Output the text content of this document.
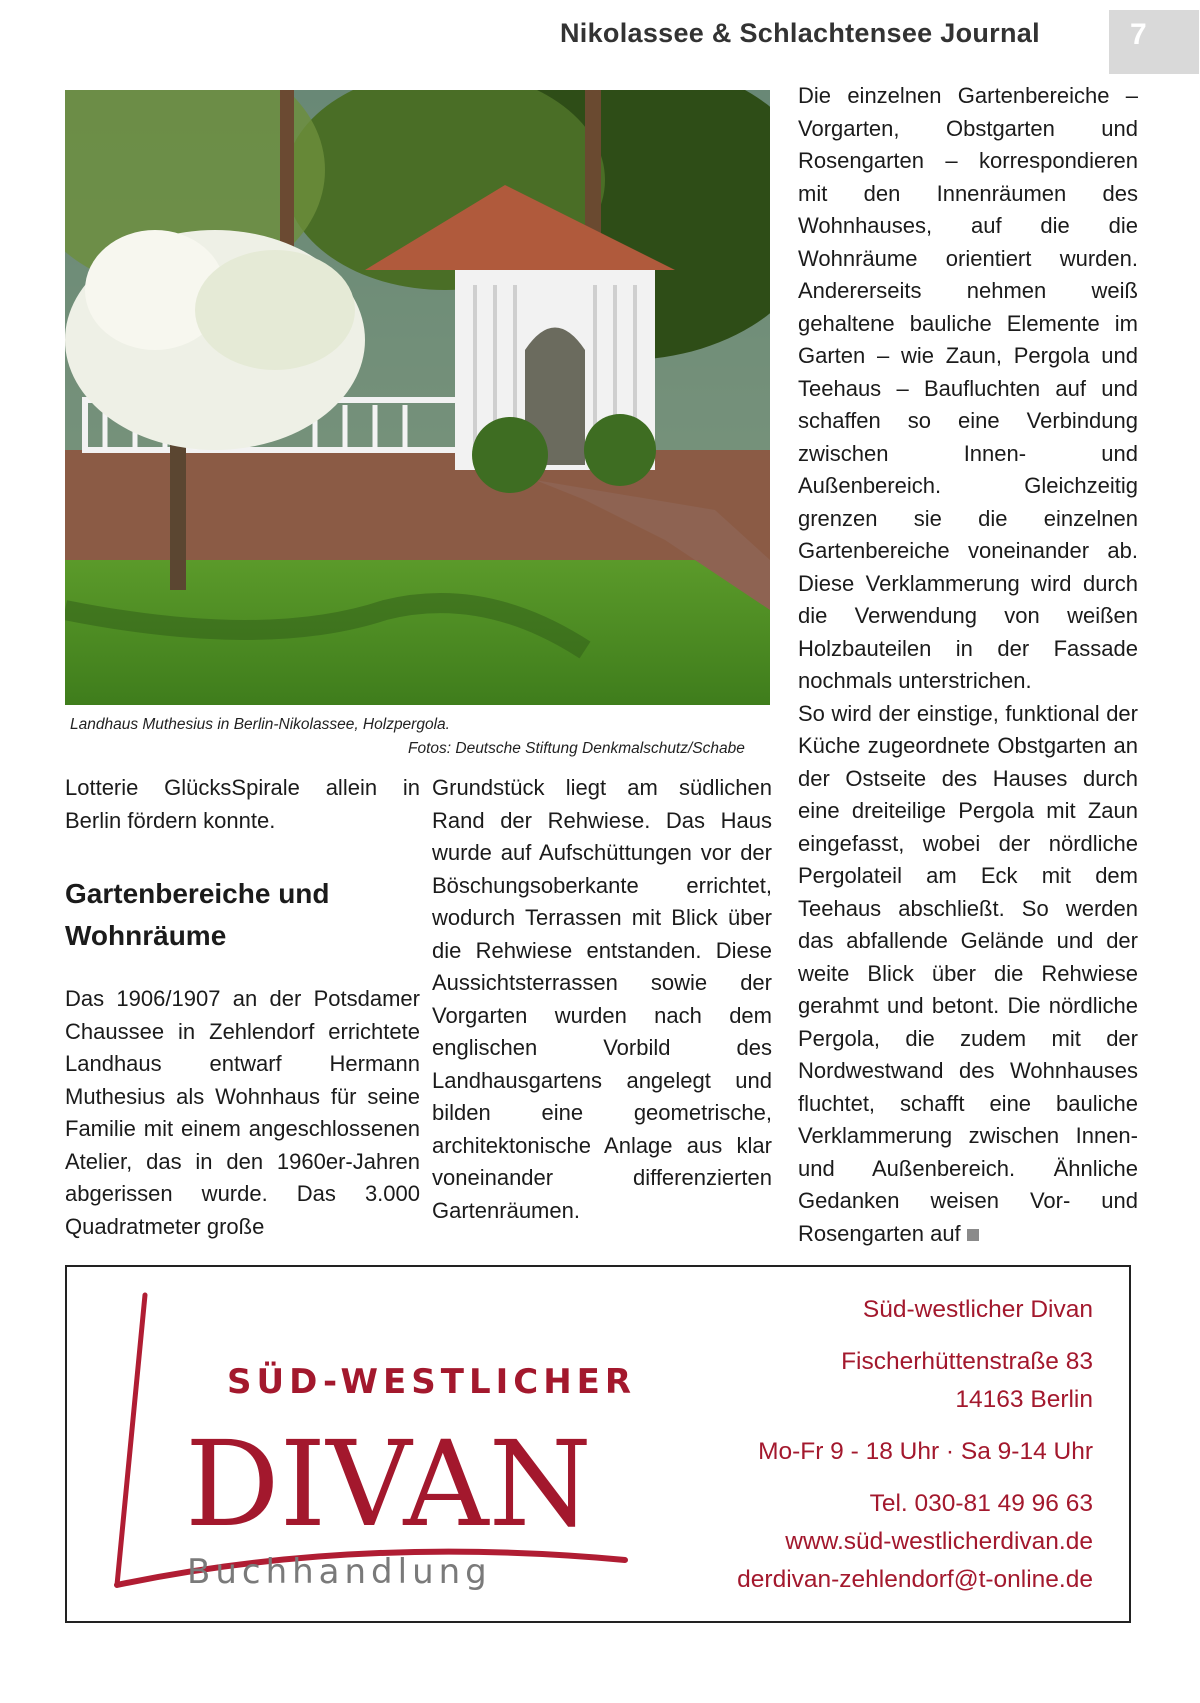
Nikolassee & Schlachtensee Journal	7
Landhaus Muthesius in Berlin-Nikolassee, Holzpergola.
Fotos: Deutsche Stiftung Denkmalschutz/Schabe

Lotterie GlücksSpirale allein in Berlin fördern konnte.

Gartenbereiche und Wohnräume

Das 1906/1907 an der Potsdamer Chaussee in Zehlendorf errichtete Landhaus entwarf Hermann Muthesius als Wohnhaus für seine Familie mit einem angeschlossenen Atelier, das in den 1960er-Jahren abgerissen wurde. Das 3.000 Quadratmeter große

Grundstück liegt am südlichen Rand der Rehwiese. Das Haus wurde auf Aufschüttungen vor der Böschungsoberkante errichtet, wodurch Terrassen mit Blick über die Rehwiese entstanden. Diese Aussichtsterrassen sowie der Vorgarten wurden nach dem englischen Vorbild des Landhausgartens angelegt und bilden eine geometrische, architektonische Anlage aus klar voneinander differenzierten Gartenräumen.

Die einzelnen Gartenbereiche – Vorgarten, Obstgarten und Rosengarten – korrespondieren mit den Innenräumen des Wohnhauses, auf die die Wohnräume orientiert wurden. Andererseits nehmen weiß gehaltene bauliche Elemente im Garten – wie Zaun, Pergola und Teehaus – Baufluchten auf und schaffen so eine Verbindung zwischen Innen- und Außenbereich. Gleichzeitig grenzen sie die einzelnen Gartenbereiche voneinander ab. Diese Verklammerung wird durch die Verwendung von weißen Holzbauteilen in der Fassade nochmals unterstrichen.

So wird der einstige, funktional der Küche zugeordnete Obstgarten an der Ostseite des Hauses durch eine dreiteilige Pergola mit Zaun eingefasst, wobei der nördliche Pergolateil am Eck mit dem Teehaus abschließt. So werden das abfallende Gelände und der weite Blick über die Rehwiese gerahmt und betont. Die nördliche Pergola, die zudem mit der Nordwestwand des Wohnhauses fluchtet, schafft eine bauliche Verklammerung zwischen Innen- und Außenbereich. Ähnliche Gedanken weisen Vor- und Rosengarten auf

SÜD-WESTLICHER
DIVAN
Buchhandlung
Süd-westlicher Divan
Fischerhüttenstraße 83
14163 Berlin
Mo-Fr 9 - 18 Uhr · Sa 9-14 Uhr
Tel. 030-81 49 96 63
www.süd-westlicherdivan.de
derdivan-zehlendorf@t-online.de
